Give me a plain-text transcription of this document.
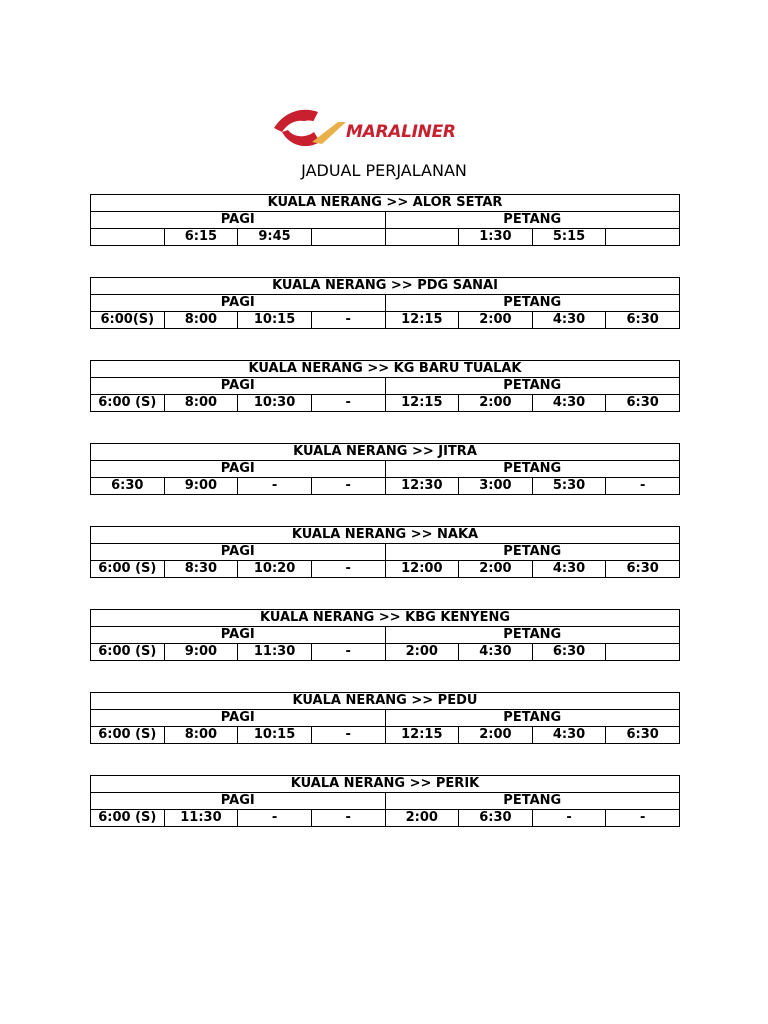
MARALINER
JADUAL PERJALANAN
KUALA NERANG >> ALOR SETAR							
PAGI				PETANG			
	6:15	9:45			1:30	5:15	
KUALA NERANG >> PDG SANAI							
PAGI				PETANG			
6:00(S)	8:00	10:15	-	12:15	2:00	4:30	6:30
KUALA NERANG >> KG BARU TUALAK							
PAGI				PETANG			
6:00 (S)	8:00	10:30	-	12:15	2:00	4:30	6:30
KUALA NERANG >> JITRA							
PAGI				PETANG			
6:30	9:00	-	-	12:30	3:00	5:30	-
KUALA NERANG >> NAKA							
PAGI				PETANG			
6:00 (S)	8:30	10:20	-	12:00	2:00	4:30	6:30
KUALA NERANG >> KBG KENYENG							
PAGI				PETANG			
6:00 (S)	9:00	11:30	-	2:00	4:30	6:30	
KUALA NERANG >> PEDU							
PAGI				PETANG			
6:00 (S)	8:00	10:15	-	12:15	2:00	4:30	6:30
KUALA NERANG >> PERIK							
PAGI				PETANG			
6:00 (S)	11:30	-	-	2:00	6:30	-	-
